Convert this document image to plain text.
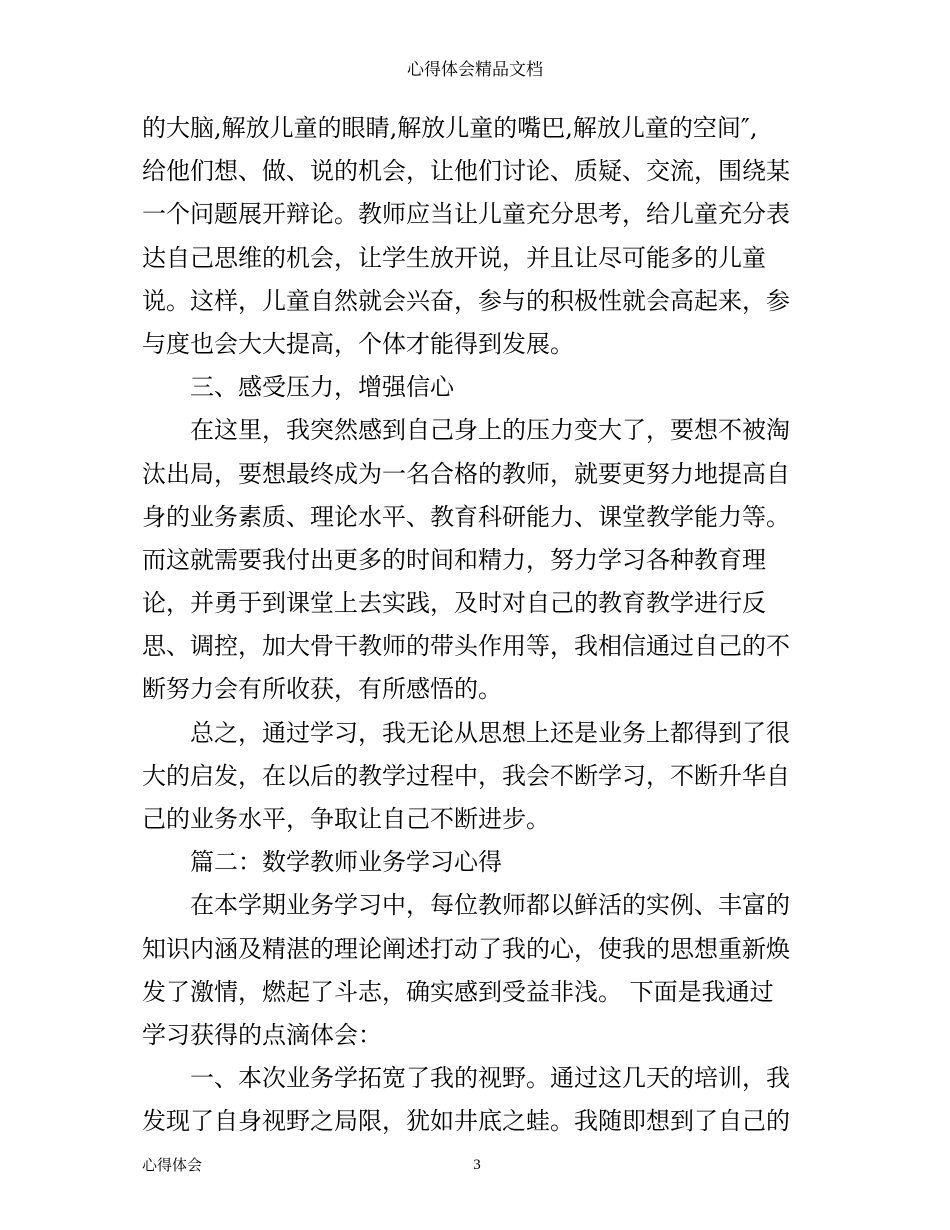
心得体会精品文档
的大脑,解放儿童的眼睛,解放儿童的嘴巴,解放儿童的空间″,
给他们想、做、说的机会，让他们讨论、质疑、交流，围绕某
一个问题展开辩论。教师应当让儿童充分思考，给儿童充分表
达自己思维的机会，让学生放开说，并且让尽可能多的儿童
说。这样，儿童自然就会兴奋，参与的积极性就会高起来，参
与度也会大大提高，个体才能得到发展。
三、感受压力，增强信心
在这里，我突然感到自己身上的压力变大了，要想不被淘
汰出局，要想最终成为一名合格的教师，就要更努力地提高自
身的业务素质、理论水平、教育科研能力、课堂教学能力等。
而这就需要我付出更多的时间和精力，努力学习各种教育理
论，并勇于到课堂上去实践，及时对自己的教育教学进行反
思、调控，加大骨干教师的带头作用等，我相信通过自己的不
断努力会有所收获，有所感悟的。
总之，通过学习，我无论从思想上还是业务上都得到了很
大的启发，在以后的教学过程中，我会不断学习，不断升华自
己的业务水平，争取让自己不断进步。
篇二：数学教师业务学习心得
在本学期业务学习中，每位教师都以鲜活的实例、丰富的
知识内涵及精湛的理论阐述打动了我的心，使我的思想重新焕
发了激情，燃起了斗志，确实感到受益非浅。 下面是我通过
学习获得的点滴体会：
一、本次业务学拓宽了我的视野。通过这几天的培训，我
发现了自身视野之局限，犹如井底之蛙。我随即想到了自己的
心得体会	3
